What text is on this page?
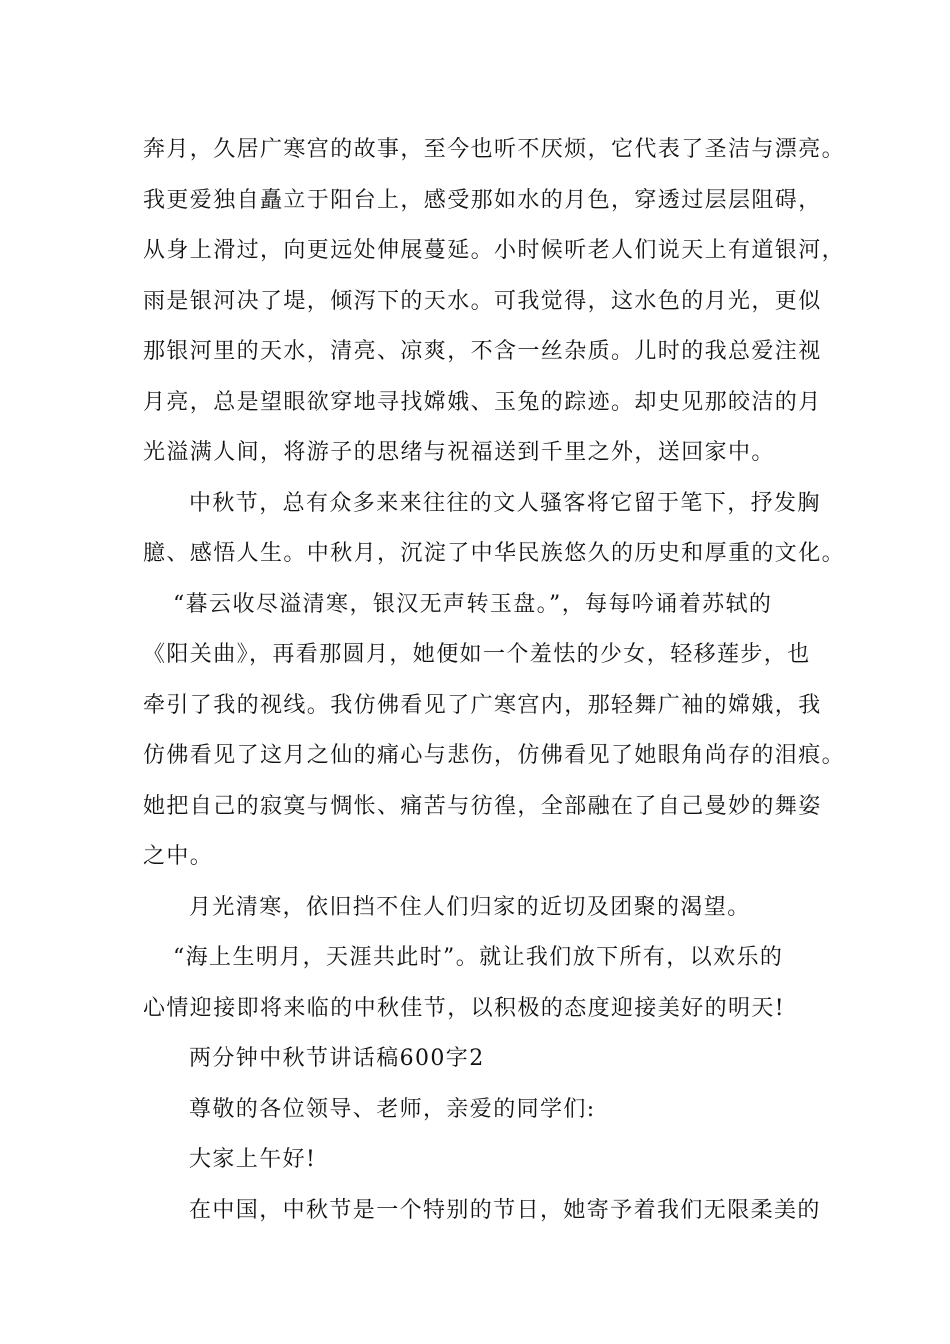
奔月，久居广寒宫的故事，至今也听不厌烦，它代表了圣洁与漂亮。
我更爱独自矗立于阳台上，感受那如水的月色，穿透过层层阻碍，
从身上滑过，向更远处伸展蔓延。小时候听老人们说天上有道银河，
雨是银河决了堤，倾泻下的天水。可我觉得，这水色的月光，更似
那银河里的天水，清亮、凉爽，不含一丝杂质。儿时的我总爱注视
月亮，总是望眼欲穿地寻找嫦娥、玉兔的踪迹。却史见那皎洁的月
光溢满人间，将游子的思绪与祝福送到千里之外，送回家中。
中秋节，总有众多来来往往的文人骚客将它留于笔下，抒发胸
臆、感悟人生。中秋月，沉淀了中华民族悠久的历史和厚重的文化。
“暮云收尽溢清寒，银汉无声转玉盘。”，每每吟诵着苏轼的
《阳关曲》，再看那圆月，她便如一个羞怯的少女，轻移莲步，也
牵引了我的视线。我仿佛看见了广寒宫内，那轻舞广袖的嫦娥，我
仿佛看见了这月之仙的痛心与悲伤，仿佛看见了她眼角尚存的泪痕。
她把自己的寂寞与惆怅、痛苦与彷徨，全部融在了自己曼妙的舞姿
之中。
月光清寒，依旧挡不住人们归家的近切及团聚的渴望。
“海上生明月，天涯共此时”。就让我们放下所有，以欢乐的
心情迎接即将来临的中秋佳节，以积极的态度迎接美好的明天!
两分钟中秋节讲话稿600字2
尊敬的各位领导、老师，亲爱的同学们:
大家上午好!
在中国，中秋节是一个特别的节日，她寄予着我们无限柔美的
